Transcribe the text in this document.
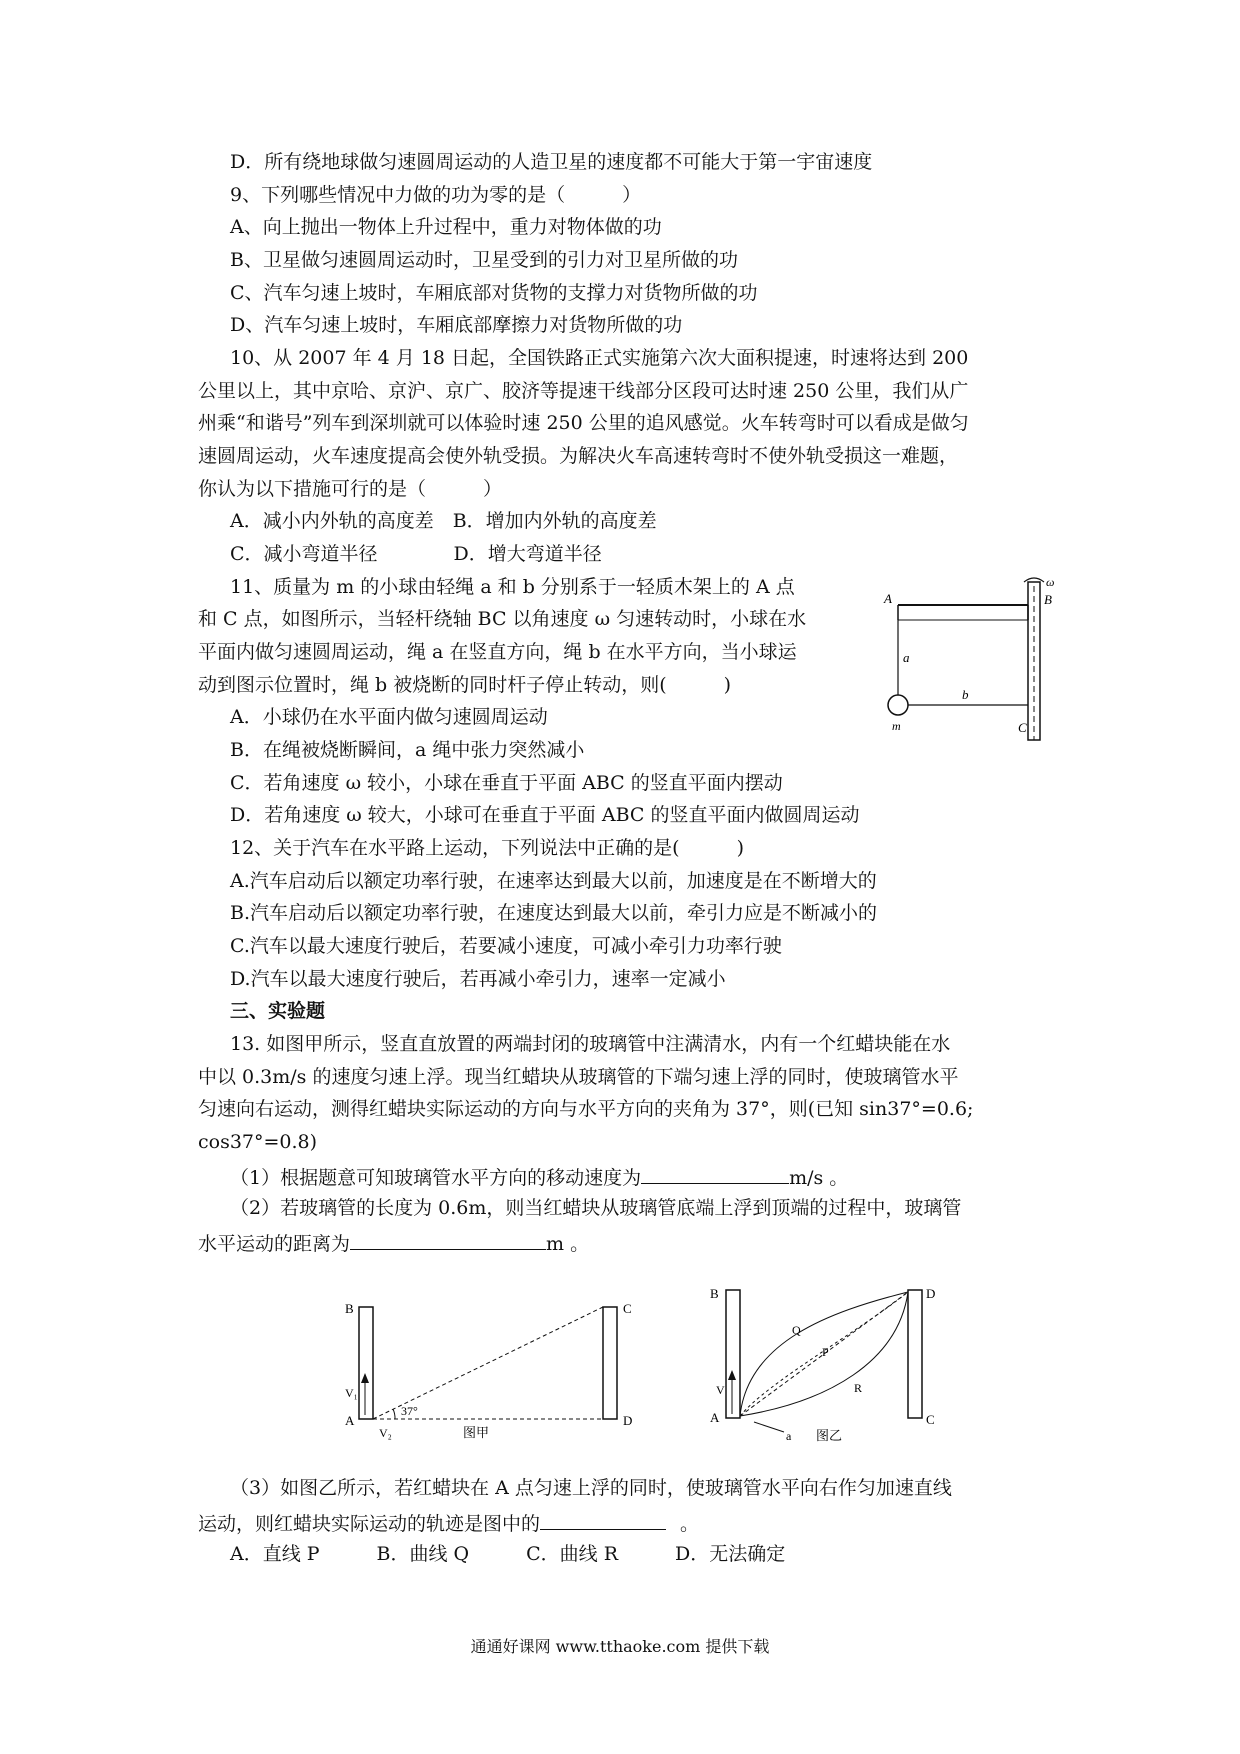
D．所有绕地球做匀速圆周运动的人造卫星的速度都不可能大于第一宇宙速度
9、下列哪些情况中力做的功为零的是（　　　）
A、向上抛出一物体上升过程中，重力对物体做的功
B、卫星做匀速圆周运动时，卫星受到的引力对卫星所做的功
C、汽车匀速上坡时，车厢底部对货物的支撑力对货物所做的功
D、汽车匀速上坡时，车厢底部摩擦力对货物所做的功
10、从 2007 年 4 月 18 日起，全国铁路正式实施第六次大面积提速，时速将达到 200
公里以上，其中京哈、京沪、京广、胶济等提速干线部分区段可达时速 250 公里，我们从广
州乘“和谐号”列车到深圳就可以体验时速 250 公里的追风感觉。火车转弯时可以看成是做匀
速圆周运动，火车速度提高会使外轨受损。为解决火车高速转弯时不使外轨受损这一难题，
你认为以下措施可行的是（　　　）
A．减小内外轨的高度差　B．增加内外轨的高度差
C．减小弯道半径　　　　D．增大弯道半径
11、质量为 m 的小球由轻绳 a 和 b 分别系于一轻质木架上的 A 点
和 C 点，如图所示，当轻杆绕轴 BC 以角速度 ω 匀速转动时，小球在水
平面内做匀速圆周运动，绳 a 在竖直方向，绳 b 在水平方向，当小球运
动到图示位置时，绳 b 被烧断的同时杆子停止转动，则(　　　)
A．小球仍在水平面内做匀速圆周运动
B．在绳被烧断瞬间，a 绳中张力突然减小
C．若角速度 ω 较小，小球在垂直于平面 ABC 的竖直平面内摆动
D．若角速度 ω 较大，小球可在垂直于平面 ABC 的竖直平面内做圆周运动
A	B
C
a
b
m
ω
12、关于汽车在水平路上运动，下列说法中正确的是(　　　)
A.汽车启动后以额定功率行驶，在速率达到最大以前，加速度是在不断增大的
B.汽车启动后以额定功率行驶，在速度达到最大以前，牵引力应是不断减小的
C.汽车以最大速度行驶后，若要减小速度，可减小牵引力功率行驶
D.汽车以最大速度行驶后，若再减小牵引力，速率一定减小
三、实验题
13. 如图甲所示，竖直直放置的两端封闭的玻璃管中注满清水，内有一个红蜡块能在水
中以 0.3m/s 的速度匀速上浮。现当红蜡块从玻璃管的下端匀速上浮的同时，使玻璃管水平
匀速向右运动，测得红蜡块实际运动的方向与水平方向的夹角为 37°，则(已知 sin37°=0.6;
cos37°=0.8)
（1）根据题意可知玻璃管水平方向的移动速度为	m/s 。
（2）若玻璃管的长度为 0.6m，则当红蜡块从玻璃管底端上浮到顶端的过程中，玻璃管
水平运动的距离为	m 。
B	C
A	D
V₁
V₂
37°
图甲
B	D
A	C
Q
P
R
V
a 图乙
（3）如图乙所示，若红蜡块在 A 点匀速上浮的同时，使玻璃管水平向右作匀加速直线
运动，则红蜡块实际运动的轨迹是图中的	。
A．直线 P　　　B．曲线 Q　　　C．曲线 R　　　D．无法确定
通通好课网 www.tthaoke.com 提供下载
